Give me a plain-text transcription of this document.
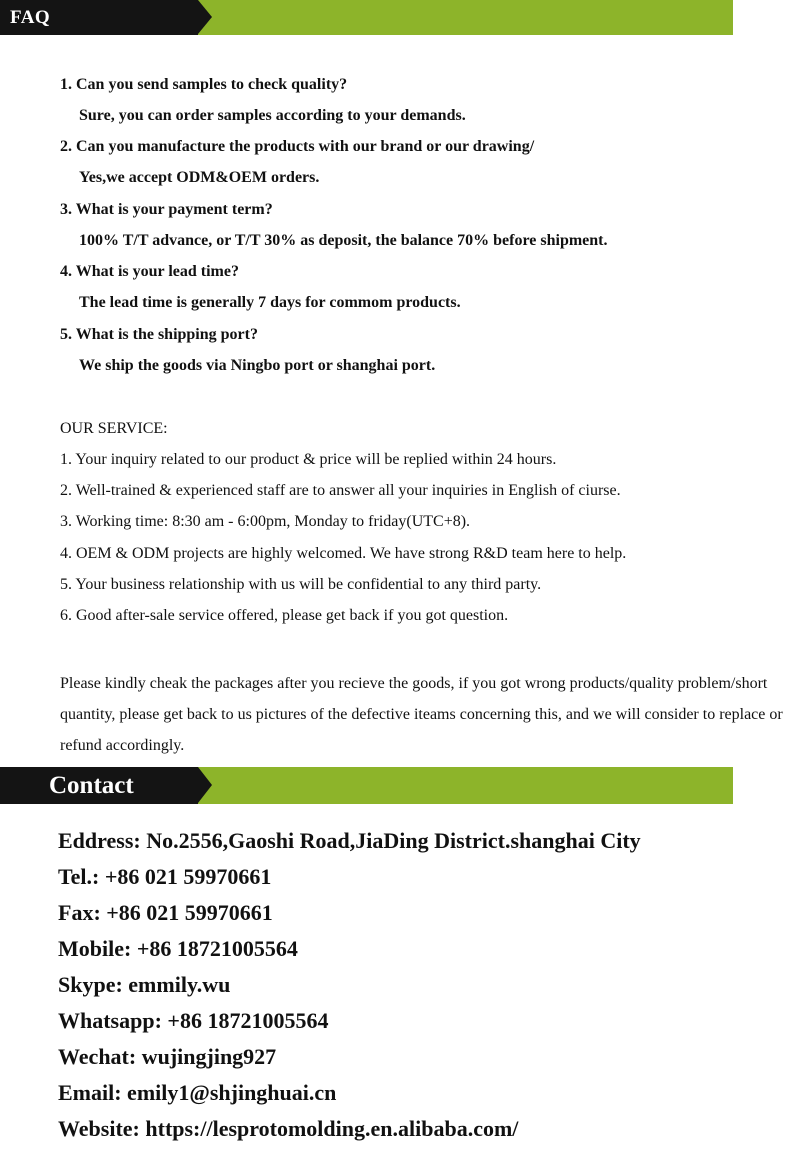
FAQ

1. Can you send samples to check quality?

Sure, you can order samples according to your demands.

2. Can you manufacture the products with our brand or our drawing/

Yes,we accept ODM&OEM orders.

3. What is your payment term?

100% T/T advance, or T/T 30% as deposit, the balance 70% before shipment.

4. What is your lead time?

The lead time is generally 7 days for commom products.

5. What is the shipping port?

We ship the goods via Ningbo port or shanghai port.

OUR SERVICE:

1. Your inquiry related to our product & price will be replied within 24 hours.

2. Well-trained & experienced staff are to answer all your inquiries in English of ciurse.

3. Working time: 8:30 am - 6:00pm, Monday to friday(UTC+8).

4. OEM & ODM projects are highly welcomed. We have strong R&D team here to help.

5. Your business relationship with us will be confidential to any third party.

6. Good after-sale service offered, please get back if you got question.

Please kindly cheak the packages after you recieve the goods, if you got wrong products/quality problem/short quantity, please get back to us pictures of the defective iteams concerning this, and we will consider to replace or refund accordingly.

Contact

Eddress: No.2556,Gaoshi Road,JiaDing District.shanghai City

Tel.: +86 021 59970661

Fax: +86 021 59970661

Mobile: +86 18721005564

Skype: emmily.wu

Whatsapp: +86 18721005564

Wechat: wujingjing927

Email: emily1@shjinghuai.cn

Website: https://lesprotomolding.en.alibaba.com/
